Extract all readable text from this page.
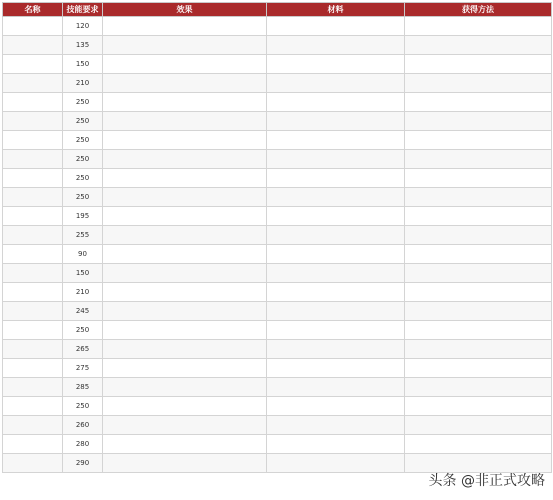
名称	技能要求	效果	材料	获得方法
	120			
	135			
	150			
	210			
	250			
	250			
	250			
	250			
	250			
	250			
	195			
	255			
	90			
	150			
	210			
	245			
	250			
	265			
	275			
	285			
	250			
	260			
	280			
	290			
头条 @非正式攻略
